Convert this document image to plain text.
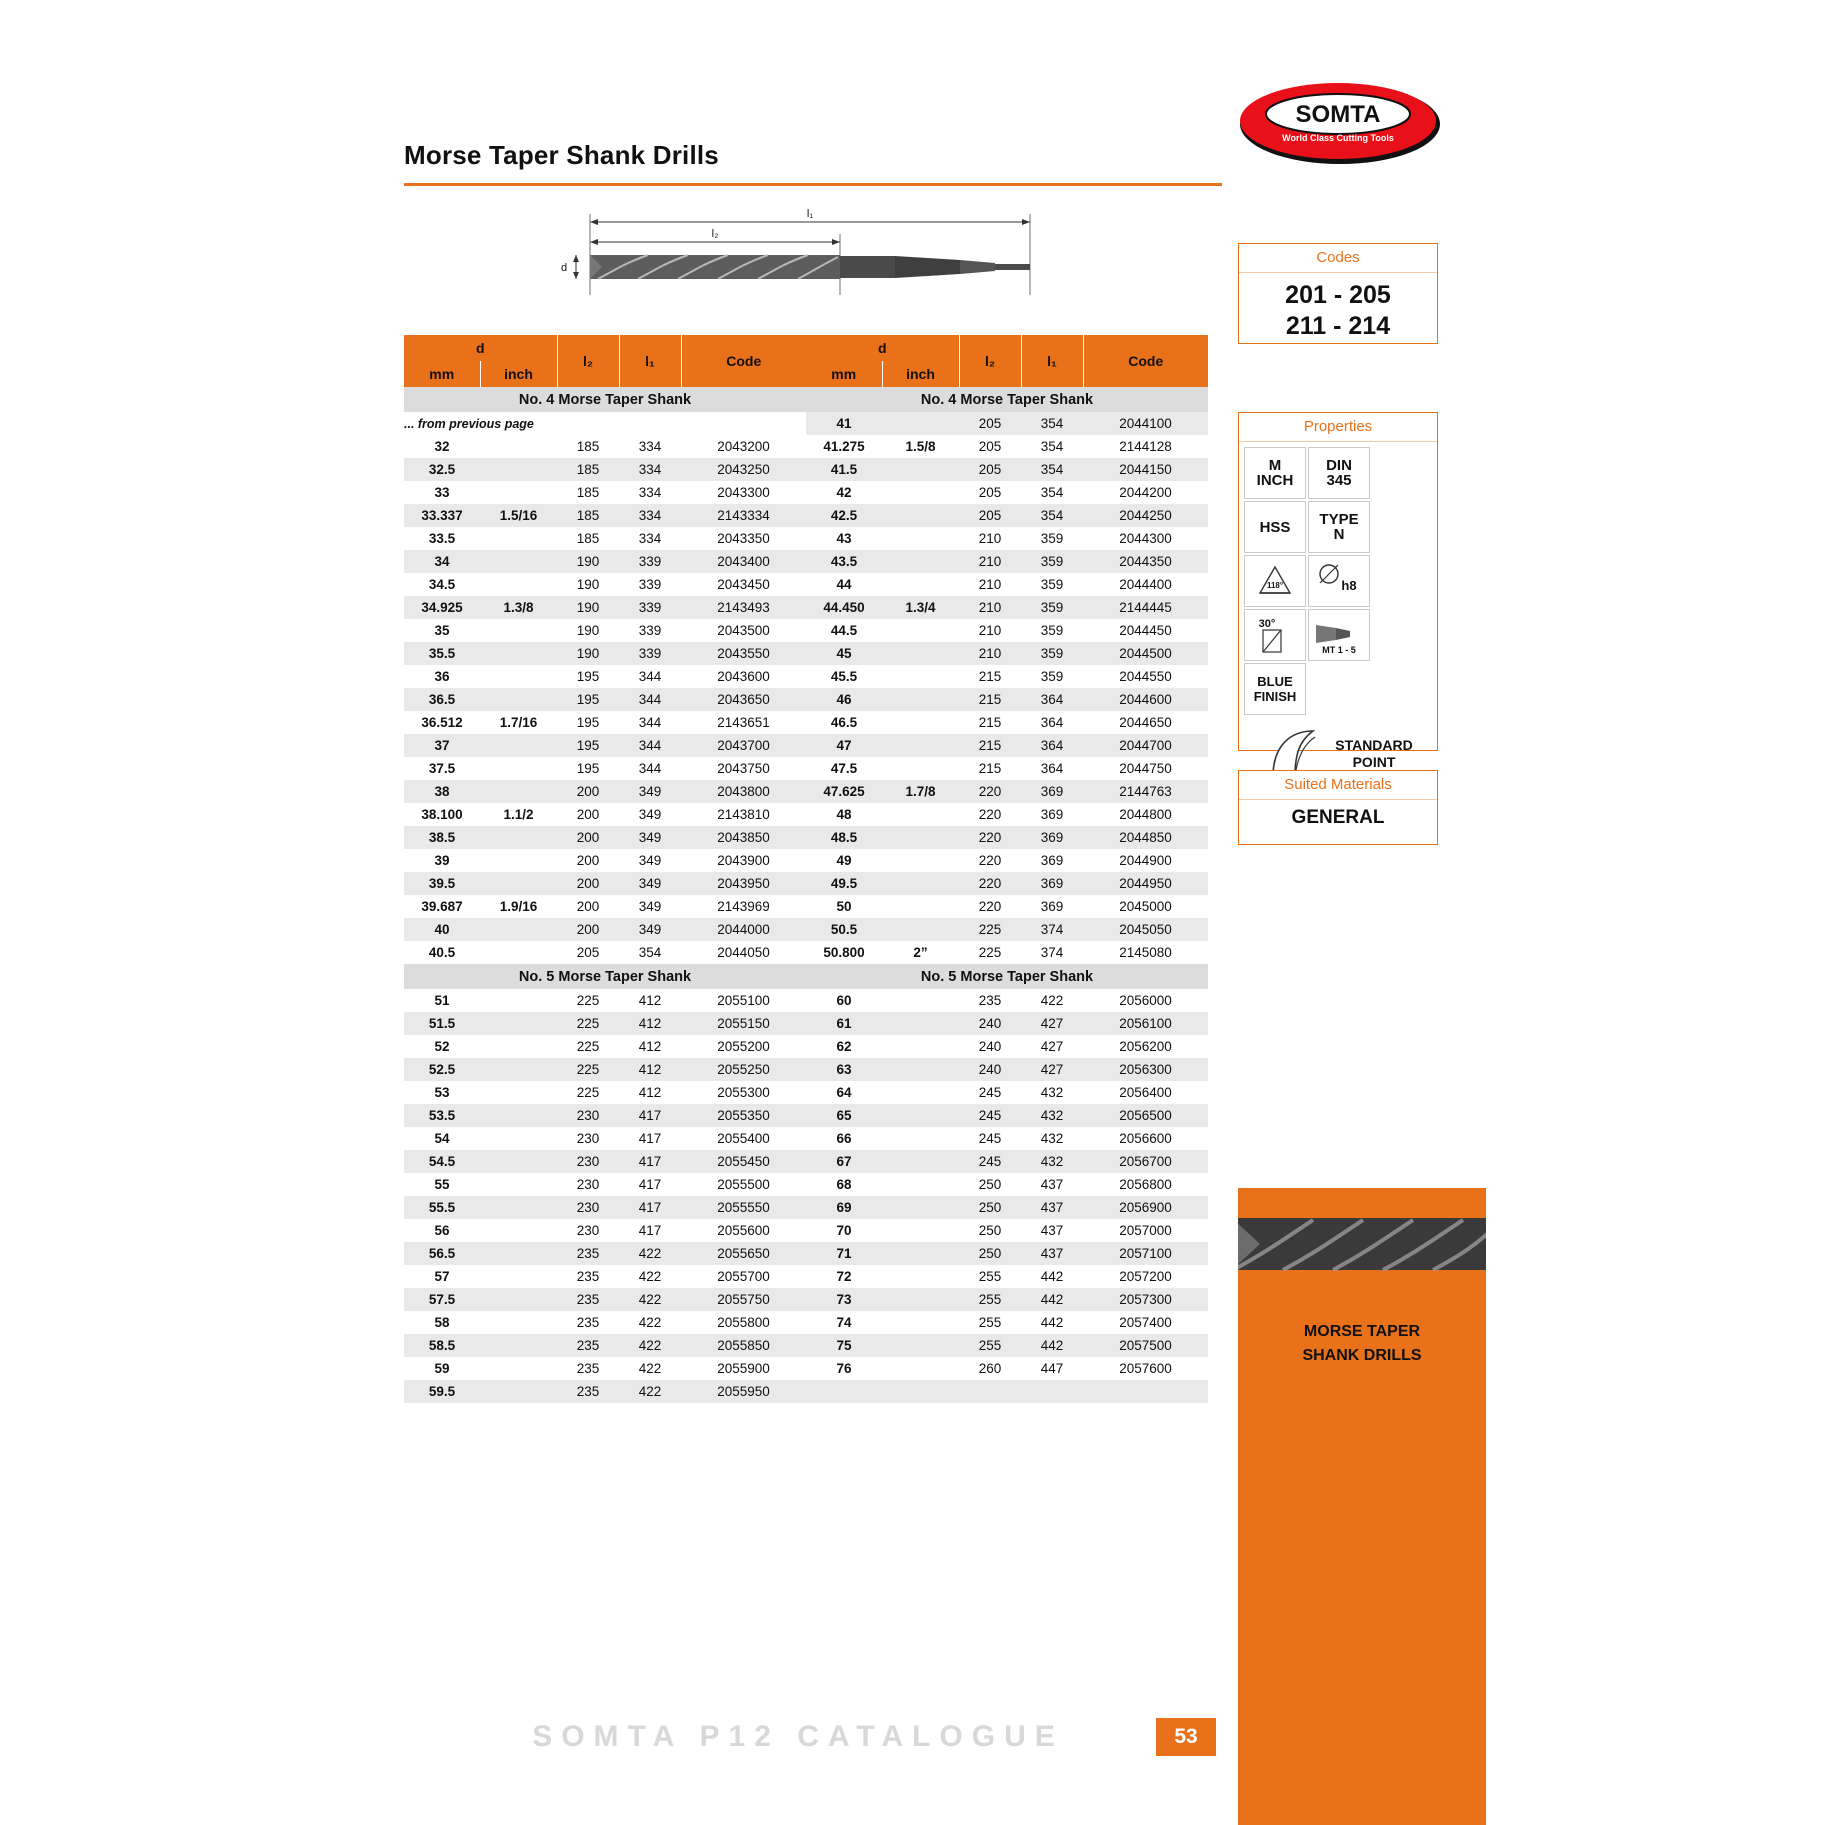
Morse Taper Shank Drills
SOMTA
World Class Cutting Tools
l₁
l₂
d
Codes
201 - 205
211 - 214
Properties
M
INCH
DIN
345
HSS TYPE
N
118°	h8
30°
MT 1 - 5
BLUE
FINISH
STANDARD
POINT
Suited Materials
GENERAL
MORSE TAPER
SHANK DRILLS
SOMTA P12 CATALOGUE	53
d		l₂	l₁	Code
mm	inch			
No. 4 Morse Taper Shank				
... from previous page				
32		185	334	2043200
32.5		185	334	2043250
33		185	334	2043300
33.337	1.5/16	185	334	2143334
33.5		185	334	2043350
34		190	339	2043400
34.5		190	339	2043450
34.925	1.3/8	190	339	2143493
35		190	339	2043500
35.5		190	339	2043550
36		195	344	2043600
36.5		195	344	2043650
36.512	1.7/16	195	344	2143651
37		195	344	2043700
37.5		195	344	2043750
38		200	349	2043800
38.100	1.1/2	200	349	2143810
38.5		200	349	2043850
39		200	349	2043900
39.5		200	349	2043950
39.687	1.9/16	200	349	2143969
40		200	349	2044000
40.5		205	354	2044050
No. 5 Morse Taper Shank				
51		225	412	2055100
51.5		225	412	2055150
52		225	412	2055200
52.5		225	412	2055250
53		225	412	2055300
53.5		230	417	2055350
54		230	417	2055400
54.5		230	417	2055450
55		230	417	2055500
55.5		230	417	2055550
56		230	417	2055600
56.5		235	422	2055650
57		235	422	2055700
57.5		235	422	2055750
58		235	422	2055800
58.5		235	422	2055850
59		235	422	2055900
59.5		235	422	2055950
d		l₂	l₁	Code
mm	inch			
No. 4 Morse Taper Shank				
41		205	354	2044100
41.275	1.5/8	205	354	2144128
41.5		205	354	2044150
42		205	354	2044200
42.5		205	354	2044250
43		210	359	2044300
43.5		210	359	2044350
44		210	359	2044400
44.450	1.3/4	210	359	2144445
44.5		210	359	2044450
45		210	359	2044500
45.5		215	359	2044550
46		215	364	2044600
46.5		215	364	2044650
47		215	364	2044700
47.5		215	364	2044750
47.625	1.7/8	220	369	2144763
48		220	369	2044800
48.5		220	369	2044850
49		220	369	2044900
49.5		220	369	2044950
50		220	369	2045000
50.5		225	374	2045050
50.800	2”	225	374	2145080
No. 5 Morse Taper Shank				
60		235	422	2056000
61		240	427	2056100
62		240	427	2056200
63		240	427	2056300
64		245	432	2056400
65		245	432	2056500
66		245	432	2056600
67		245	432	2056700
68		250	437	2056800
69		250	437	2056900
70		250	437	2057000
71		250	437	2057100
72		255	442	2057200
73		255	442	2057300
74		255	442	2057400
75		255	442	2057500
76		260	447	2057600
